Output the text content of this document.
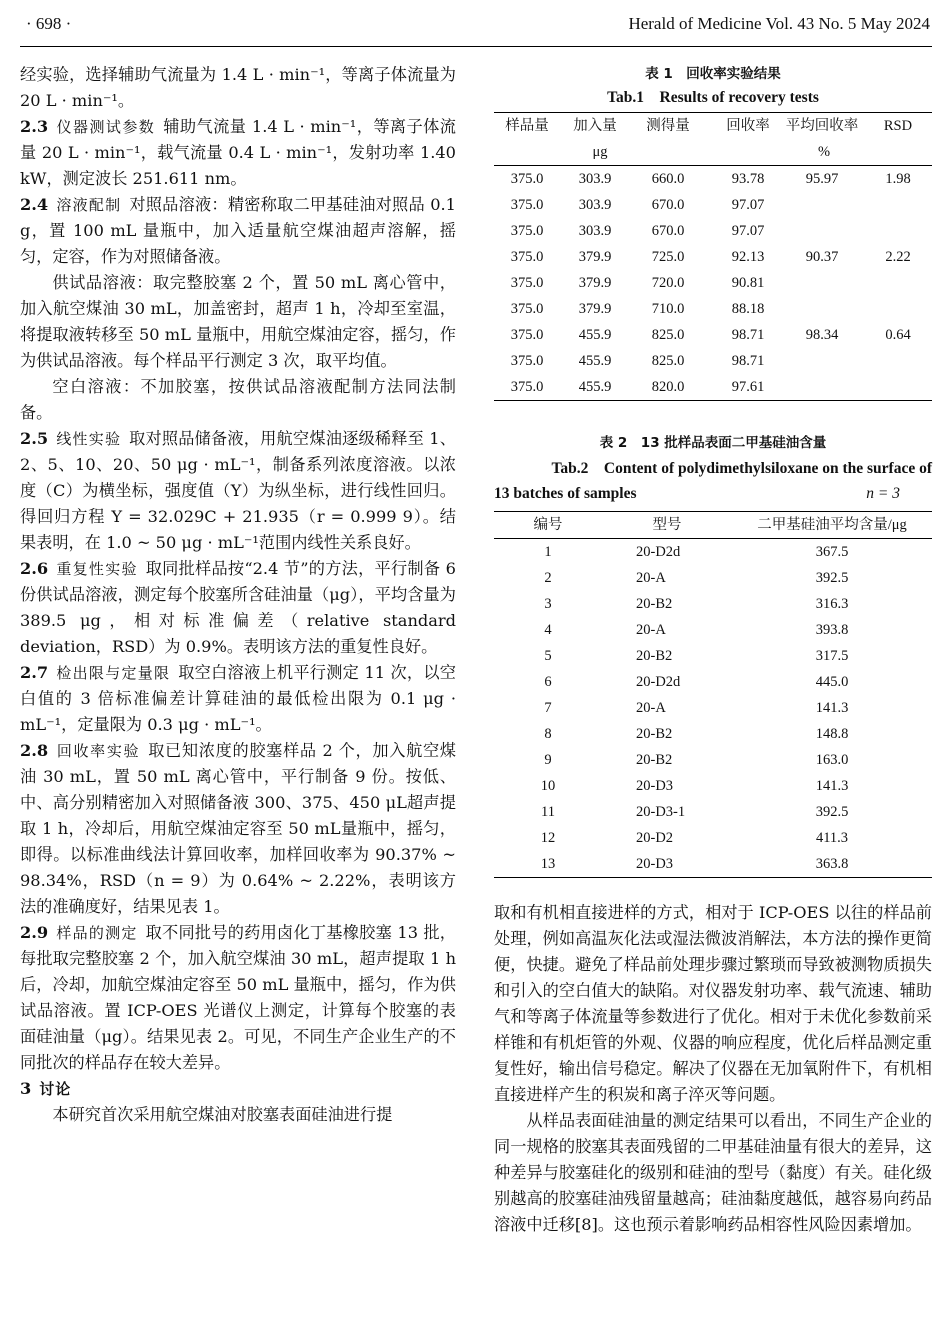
· 698 ·	Herald of Medicine Vol. 43 No. 5 May 2024

经实验，选择辅助气流量为 1.4 L · min⁻¹，等离子体流量为 20 L · min⁻¹。

2.3 仪器测试参数 辅助气流量 1.4 L · min⁻¹，等离子体流量 20 L · min⁻¹，载气流量 0.4 L · min⁻¹，发射功率 1.40 kW，测定波长 251.611 nm。

2.4 溶液配制 对照品溶液：精密称取二甲基硅油对照品 0.1 g，置 100 mL 量瓶中，加入适量航空煤油超声溶解，摇匀，定容，作为对照储备液。

供试品溶液：取完整胶塞 2 个，置 50 mL 离心管中，加入航空煤油 30 mL，加盖密封，超声 1 h，冷却至室温，将提取液转移至 50 mL 量瓶中，用航空煤油定容，摇匀，作为供试品溶液。每个样品平行测定 3 次，取平均值。

空白溶液：不加胶塞，按供试品溶液配制方法同法制备。

2.5 线性实验 取对照品储备液，用航空煤油逐级稀释至 1、2、5、10、20、50 μg · mL⁻¹，制备系列浓度溶液。以浓度（C）为横坐标，强度值（Y）为纵坐标，进行线性回归。得回归方程 Y = 32.029C + 21.935（r = 0.999 9）。结果表明，在 1.0 ~ 50 μg · mL⁻¹范围内线性关系良好。

2.6 重复性实验 取同批样品按“2.4 节”的方法，平行制备 6 份供试品溶液，测定每个胶塞所含硅油量（μg），平均含量为 389.5 μg，相对标准偏差（relative standard deviation，RSD）为 0.9%。表明该方法的重复性良好。

2.7 检出限与定量限 取空白溶液上机平行测定 11 次，以空白值的 3 倍标准偏差计算硅油的最低检出限为 0.1 μg · mL⁻¹，定量限为 0.3 μg · mL⁻¹。

2.8 回收率实验 取已知浓度的胶塞样品 2 个，加入航空煤油 30 mL，置 50 mL 离心管中，平行制备 9 份。按低、中、高分别精密加入对照储备液 300、375、450 μL超声提取 1 h，冷却后，用航空煤油定容至 50 mL量瓶中，摇匀，即得。以标准曲线法计算回收率，加样回收率为 90.37% ~ 98.34%，RSD（n = 9）为 0.64% ~ 2.22%，表明该方法的准确度好，结果见表 1。

2.9 样品的测定 取不同批号的药用卤化丁基橡胶塞 13 批，每批取完整胶塞 2 个，加入航空煤油 30 mL，超声提取 1 h 后，冷却，加航空煤油定容至 50 mL 量瓶中，摇匀，作为供试品溶液。置 ICP-OES 光谱仪上测定，计算每个胶塞的表面硅油量（μg）。结果见表 2。可见，不同生产企业生产的不同批次的样品存在较大差异。

3 讨论

本研究首次采用航空煤油对胶塞表面硅油进行提

表 1　回收率实验结果
Tab.1　Results of recovery tests
样品量	加入量	测得量		回收率	平均回收率	RSD
μg				%		
375.0	303.9	660.0		93.78	95.97	1.98
375.0	303.9	670.0		97.07		
375.0	303.9	670.0		97.07		
375.0	379.9	725.0		92.13	90.37	2.22
375.0	379.9	720.0		90.81		
375.0	379.9	710.0		88.18		
375.0	455.9	825.0		98.71	98.34	0.64
375.0	455.9	825.0		98.71		
375.0	455.9	820.0		97.61		
表 2　13 批样品表面二甲基硅油含量
Tab.2　Content of polydimethylsiloxane on the surface of
13 batches of samples	n = 3
编号	型号	二甲基硅油平均含量/μg
1	20-D2d	367.5
2	20-A	392.5
3	20-B2	316.3
4	20-A	393.8
5	20-B2	317.5
6	20-D2d	445.0
7	20-A	141.3
8	20-B2	148.8
9	20-B2	163.0
10	20-D3	141.3
11	20-D3-1	392.5
12	20-D2	411.3
13	20-D3	363.8

取和有机相直接进样的方式，相对于 ICP-OES 以往的样品前处理，例如高温灰化法或湿法微波消解法，本方法的操作更简便，快捷。避免了样品前处理步骤过繁琐而导致被测物质损失和引入的空白值大的缺陷。对仪器发射功率、载气流速、辅助气和等离子体流量等参数进行了优化。相对于未优化参数前采样锥和有机炬管的外观、仪器的响应程度，优化后样品测定重复性好，输出信号稳定。解决了仪器在无加氧附件下，有机相直接进样产生的积炭和离子淬灭等问题。

从样品表面硅油量的测定结果可以看出，不同生产企业的同一规格的胶塞其表面残留的二甲基硅油量有很大的差异，这种差异与胶塞硅化的级别和硅油的型号（黏度）有关。硅化级别越高的胶塞硅油残留量越高；硅油黏度越低，越容易向药品溶液中迁移[8]。这也预示着影响药品相容性风险因素增加。
